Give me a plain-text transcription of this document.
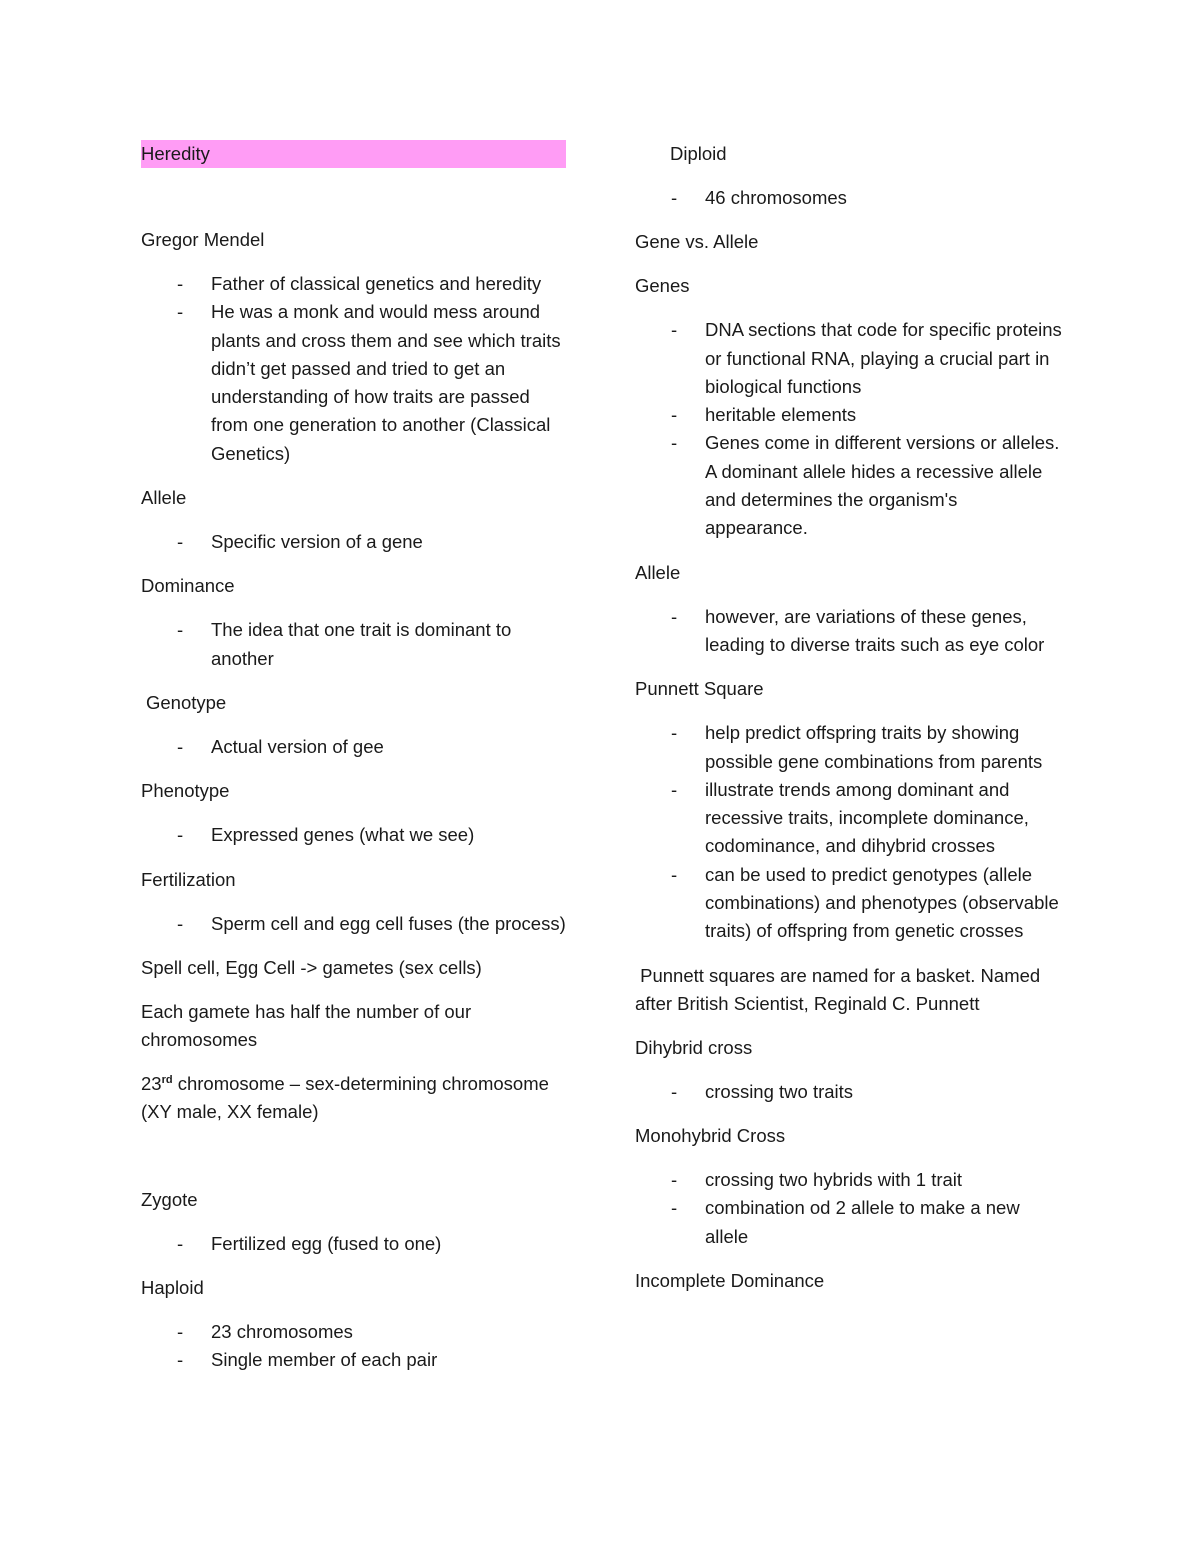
Heredity
Gregor Mendel
- Father of classical genetics and heredity
- He was a monk and would mess around plants and cross them and see which traits didn’t get passed and tried to get an understanding of how traits are passed from one generation to another (Classical Genetics)
Allele
- Specific version of a gene
Dominance
- The idea that one trait is dominant to another
Genotype
- Actual version of gee
Phenotype
- Expressed genes (what we see)
Fertilization
- Sperm cell and egg cell fuses (the process)
Spell cell, Egg Cell -> gametes (sex cells)
Each gamete has half the number of our chromosomes
23rd chromosome – sex-determining chromosome (XY male, XX female)
Zygote
- Fertilized egg (fused to one)
Haploid
- 23 chromosomes
- Single member of each pair
Diploid
- 46 chromosomes
Gene vs. Allele
Genes
- DNA sections that code for specific proteins or functional RNA, playing a crucial part in biological functions
- heritable elements
- Genes come in different versions or alleles. A dominant allele hides a recessive allele and determines the organism's appearance.
Allele
- however, are variations of these genes, leading to diverse traits such as eye color
Punnett Square
- help predict offspring traits by showing possible gene combinations from parents
- illustrate trends among dominant and recessive traits, incomplete dominance, codominance, and dihybrid crosses
- can be used to predict genotypes (allele combinations) and phenotypes (observable traits) of offspring from genetic crosses
Punnett squares are named for a basket. Named after British Scientist, Reginald C. Punnett
Dihybrid cross
- crossing two traits
Monohybrid Cross
- crossing two hybrids with 1 trait
- combination od 2 allele to make a new allele
Incomplete Dominance
